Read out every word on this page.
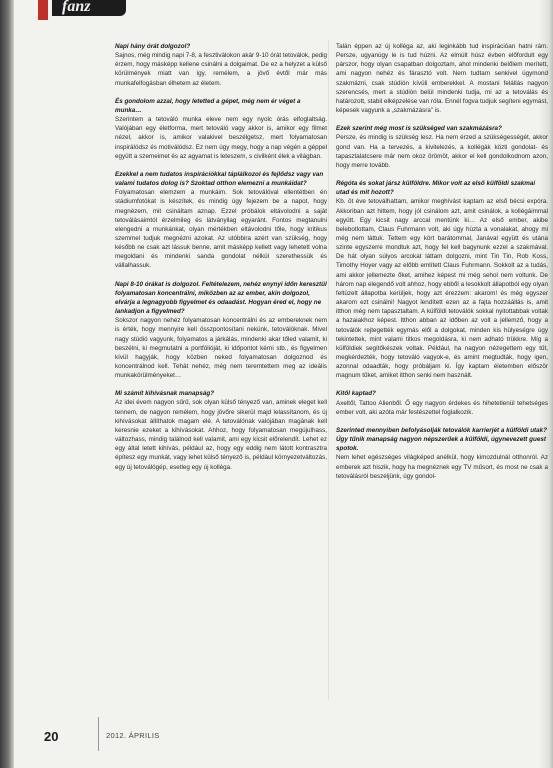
fanz
Napi hány órát dolgozol?
Sajnos, még mindig napi 7-8, a fesztiválokon akár 9-10 órát tetoválok, pedig érzem, hogy másképp kellene csinálni a dolgaimat. De ez a helyzet a külső körülmények miatt van így, remélem, a jövő évtől már más munkafelfogásban élhetem az életem.
És gondolom azzal, hogy letetted a gépet, még nem ér véget a munka…
Szerintem a tetováló munka eleve nem egy nyolc órás elfoglaltság. Valójában egy életforma, mert tetováló vagy akkor is, amikor egy filmet nézel, akkor is, amikor valakivel beszélgetsz, mert folyamatosan inspirálódsz és motiválódsz. Ez nem úgy megy, hogy a nap végén a géppel együtt a szemeimet és az agyamat is leteszem, s civilként élek a világban.
Ezekkel a nem tudatos inspirációkkal táplálkozol és fejlődsz vagy van valami tudatos dolog is? Szoktad otthon elemezni a munkáidat?
Folyamatosan elemzem a munkáim. Sok tetoválóval ellentétben én stádiumfotókat is készítek, és mindig úgy fejezem be a napot, hogy megnézem, mit csináltam aznap. Ezzel próbálok eltávolodni a saját tetoválásaimtól érzelmileg és látványilag egyaránt. Fontos megtanulni elengedni a munkánkat, olyan mértékben eltávolodni tőle, hogy kritikus szemmel tudjuk megnézni azokat. Az utóbbira azért van szükség, hogy később ne csak azt lássuk benne, amit másképp kellett vagy lehetett volna megoldani és mindenki sanda gondolat nélkül szerethessük és vállalhassuk.
Napi 8-10 órákat is dolgozol. Feltételezem, nehéz enynyi időn keresztül folyamatosan koncentrálni, miközben az az ember, akin dolgozol, elvárja a legnagyobb figyelmet és odaadást. Hogyan éred el, hogy ne lankadjon a figyelmed?
Sokszor nagyon nehéz folyamatosan koncentrálni és az embereknek nem is érték, hogy mennyire kell összpontosítani nekünk, tetoválóknak. Mivel nagy stúdió vagyunk, folyamatos a járkálás, mindenki akar tőled valamit, ki beszélni, ki megmutatni a portfólióját, ki időpontot kérni stb., és figyelmen kívül hagyják, hogy közben neked folyamatosan dolgoznod és koncentrálnod kell. Tehát nehéz, még nem teremtettem meg az ideális munkakörülményeket…
Mi számít kihívásnak manapság?
Az idei évem nagyon sűrű, sok olyan külső tényező van, aminek eleget kell tennem, de nagyon remélem, hogy jövőre sikerül majd lelassítanom, és új kihívásokat állíthatok magam elé. A tetoválónak valójában magának kell keresnie ezeket a kihívásokat. Ahhoz, hogy folyamatosan megújulhass, változhass, mindig találnod kell valamit, ami egy kicsit előrelendít. Lehet ez egy által letett kihívás, például az, hogy egy eddig nem látott kontrasztra építesz egy munkát, vagy lehet külső tényező is, például környezetváltozás, egy új tetoválógép, esetleg egy új kolléga.
Talán éppen az új kolléga az, aki leginkább tud inspirációan hatni rám. Persze, ugyanúgy le is tud húzni. Az elmúlt húsz évben előfordult egy párszor, hogy olyan csapatban dolgoztam, ahol mindenki belőlem merített, ami nagyon nehéz és fárasztó volt. Nem tudtam senkivel úgymond szakmázni, csak stúdión kívüli emberekkel. A mostani felállás nagyon szerencsés, mert a stúdión belül mindenki tudja, mi az a tetoválás és határozott, stabil elképzelése van róla. Ennél fogva tudjuk segíteni egymást, képesek vagyunk a „szakmázásra” is.
Ezek szerint még most is szükséged van szakmázásra?
Persze, és mindig is szükség lesz. Ha nem érzed a szükségességét, akkor gond van. Ha a tervezés, a kivitelezés, a kollégák közti gondolat- és tapasztalatcsere már nem okoz örömöt, akkor el kell gondolkodnom azon, hogy merre tovább.
Régóta és sokat jársz külföldre. Mikor volt az első külföldi szakmai utad és mit hozott?
Kb. öt éve tetoválhattam, amikor meghívást kaptam az első bécsi expóra. Akkoriban azt hittem, hogy jól csinálom azt, amit csinálok, a kollégáimmal együtt. Egy kicsit nagy arccal mentünk ki… Az első ember, akibe belebotlottam, Claus Fuhrmann volt, aki úgy húzta a vonalakat, ahogy mi még nem láttuk. Tettem egy kört barátommal, Janával együtt és utána szinte egyszerre mondtuk azt, hogy fel kell bagynunk ezzel a szakmával. De hát olyan súlyos arcokat láttam dolgozni, mint Tin Tin, Rob Koss, Timothy Hoyer vagy az előbb említett Claus Fuhrmann. Sokkolt az a tudás, ami akkor jellemezte őket, amihez képest mi még sehol nem voltunk. De három nap elegendő volt ahhoz, hogy ebből a lesokkolt állapotból egy olyan feltüzelt állapotba kerüljek, hogy azt érezzem: akarom! és még egyszer akarom ezt csinálni! Nagyot lendített ezen az a fajta hozzáállás is, amit itthon még nem tapasztaltam. A külföldi tetoválók sokkal nyitottabbak voltak a hazaiakhoz képest. Itthon abban az időben az volt a jellemző, hogy a tetoválók rejtegették egymás elől a dolgokat, minden kis hülyeségre úgy tekintettek, mint valami titkos megoldásra, ki nem adható trükkre. Míg a külföldiek segítőkészek voltak. Például, ha nagyon nézegettem egy tűt, megkérdezték, hogy tetováló vagyok-e, és amint megtudták, hogy igen, azonnal odaadták, hogy próbáljam ki. Így kaptam életemben először magnum tűket, amiket itthon senki nem használt.
Kitől kaptad?
Axeltől, Tattoo Alienből. Ő egy nagyon érdekes és hihetetlenül tehetséges ember volt, aki azóta már festészettel foglalkozik.
Szerinted mennyiben befolyásolják tetoválók karrierjét a külföldi utak? Úgy tűnik manapság nagyon népszerűek a külföldi, úgynevezett guest spotok.
Nem lehet egészséges világképed anélkül, hogy kimozdulnál otthonról. Az emberek azt hiszik, hogy ha megnéznek egy TV műsort, és most ne csak a tetoválásról beszéljünk, úgy gondol-
20	2012. ÁPRILIS
